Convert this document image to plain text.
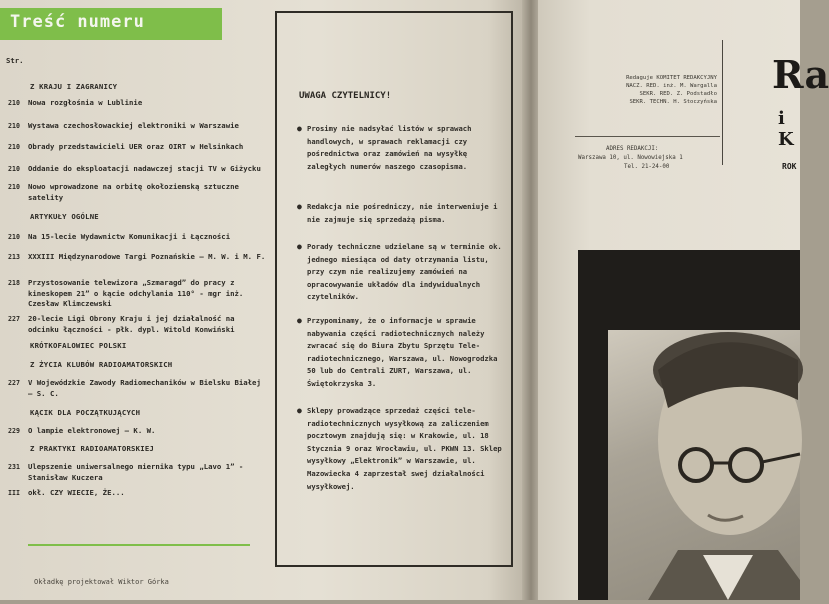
Treść numeru
Str.
Z KRAJU I ZAGRANICY
210 Nowa rozgłośnia w Lublinie
210 Wystawa czechosłowackiej elektroniki w Warszawie
210 Obrady przedstawicieli UER oraz OIRT w Helsinkach
210 Oddanie do eksploatacji nadawczej stacji TV w Giżycku
210 Nowo wprowadzone na orbitę okołoziemską sztuczne satelity
ARTYKUŁY OGÓLNE
210 Na 15-lecie Wydawnictw Komunikacji i Łączności
213 XXXIII Międzynarodowe Targi Poznańskie — M. W. i M. F.
218 Przystosowanie telewizora „Szmaragd” do pracy z kineskopem 21” o kącie odchylania 110° - mgr inż. Czesław Klimczewski
227 20-lecie Ligi Obrony Kraju i jej działalność na odcinku łączności - płk. dypl. Witold Konwiński
KRÓTKOFALOWIEC POLSKI
Z ŻYCIA KLUBÓW RADIOAMATORSKICH
227 V Wojewódzkie Zawody Radiomechaników w Bielsku Białej — S. C.
KĄCIK DLA POCZĄTKUJĄCYCH
229 O lampie elektronowej — K. W.
Z PRAKTYKI RADIOAMATORSKIEJ
231 Ulepszenie uniwersalnego miernika typu „Lavo 1” - Stanisław Kuczera
III okł. CZY WIECIE, ŻE...
Okładkę projektował Wiktor Górka
UWAGA CZYTELNICY!
● Prosimy nie nadsyłać listów w sprawach handlowych, w sprawach reklamacji czy pośrednictwa oraz zamówień na wysyłkę zaległych numerów naszego czasopisma.
● Redakcja nie pośredniczy, nie interweniuje i nie zajmuje się sprzedażą pisma.
● Porady techniczne udzielane są w terminie ok. jednego miesiąca od daty otrzymania listu, przy czym nie realizujemy zamówień na opracowywanie układów dla indywidualnych czytelników.
● Przypominamy, że o informacje w sprawie nabywania części radiotechnicznych należy zwracać się do Biura Zbytu Sprzętu Tele-radiotechnicznego, Warszawa, ul. Nowogrodzka 50 lub do Centrali ZURT, Warszawa, ul. Świętokrzyska 3.
● Sklepy prowadzące sprzedaż części tele-radiotechnicznych wysyłkową za zaliczeniem pocztowym znajdują się: w Krakowie, ul. 18 Stycznia 9 oraz Wrocławiu, ul. PKWN 13. Sklep wysyłkowy „Elektronik” w Warszawie, ul. Mazowiecka 4 zaprzestał swej działalności wysyłkowej.
Redaguje KOMITET REDAKCYJNY
NACZ. RED. inż. M. Wargalla
SEKR. RED. Z. Podstadło
SEKR. TECHN. H. Stoczyńska
ADRES REDAKCJI:
Warszawa 10, ul. Nowowiejska 1
Tel. 21-24-00
Ra
i K
ROK
